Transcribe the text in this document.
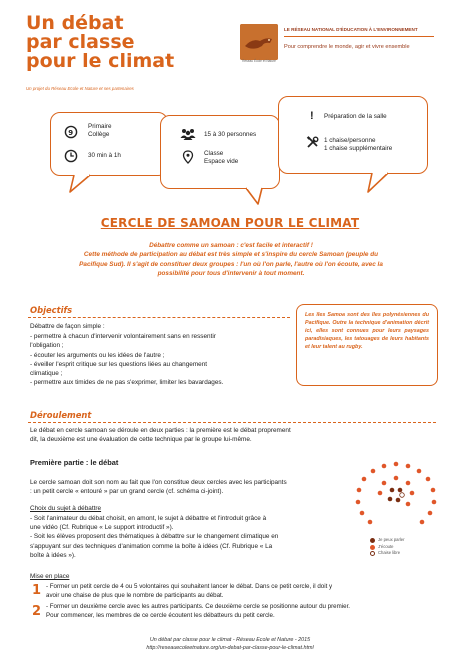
Un débat
par classe
pour le climat
Un projet du Réseau Ecole et Nature et ses partenaires
Réseau École et Nature
LE RÉSEAU NATIONAL D'ÉDUCATION À L'ENVIRONNEMENT
Pour comprendre le monde, agir et vivre ensemble
9
Primaire
Collège
30 min à 1h
15 à 30 personnes
Classe
Espace vide
! Préparation de la salle
1 chaise/personne
1 chaise supplémentaire
CERCLE DE SAMOAN POUR LE CLIMAT

Débattre comme un samoan : c'est facile et interactif !

Cette méthode de participation au débat est très simple et s'inspire du cercle Samoan (peuple du

Pacifique Sud). Il s'agit de constituer deux groupes : l'un où l'on parle, l'autre où l'on écoute, avec la

possibilité pour tous d'intervenir à tout moment.

Objectifs

Débattre de façon simple :

- permettre à chacun d'intervenir volontairement sans en ressentir

l'obligation ;

- écouter les arguments ou les idées de l'autre ;

- éveiller l'esprit critique sur les questions liées au changement

climatique ;

- permettre aux timides de ne pas s'exprimer, limiter les bavardages.

Les îles Samoa sont des îles polynésiennes du Pacifique. Outre la technique d'animation décrit ici, elles sont connues pour leurs paysages paradisiaques, les tatouages de leurs habitants et leur talent au rugby.
Déroulement
Le débat en cercle samoan se déroule en deux parties : la première est le débat proprement
dit, la deuxième est une évaluation de cette technique par le groupe lui-même.
Première partie : le débat
Le cercle samoan doit son nom au fait que l'on constitue deux cercles avec les participants
: un petit cercle « entouré » par un grand cercle (cf. schéma ci-joint).
Choix du sujet à débattre
- Soit l'animateur du débat choisit, en amont, le sujet à débattre et l'introduit grâce à
une vidéo (Cf. Rubrique « Le support introductif »).
- Soit les élèves proposent des thématiques à débattre sur le changement climatique en
s'appuyant sur des techniques d'animation comme la boîte à idées (Cf. Rubrique « La
boîte à idées »).
Mise en place
1 - Former un petit cercle de 4 ou 5 volontaires qui souhaitent lancer le débat. Dans ce petit cercle, il doit y
avoir une chaise de plus que le nombre de participants au débat.
2 - Former un deuxième cercle avec les autres participants. Ce deuxième cercle se positionne autour du premier.
Pour commencer, les membres de ce cercle écoutent les débatteurs du petit cercle.
Je peux parler
J'écoute
Chaise libre
Un débat par classe pour le climat - Réseau Ecole et Nature - 2015
http://reseauecoleetnature.org/un-debat-par-classe-pour-le-climat.html
